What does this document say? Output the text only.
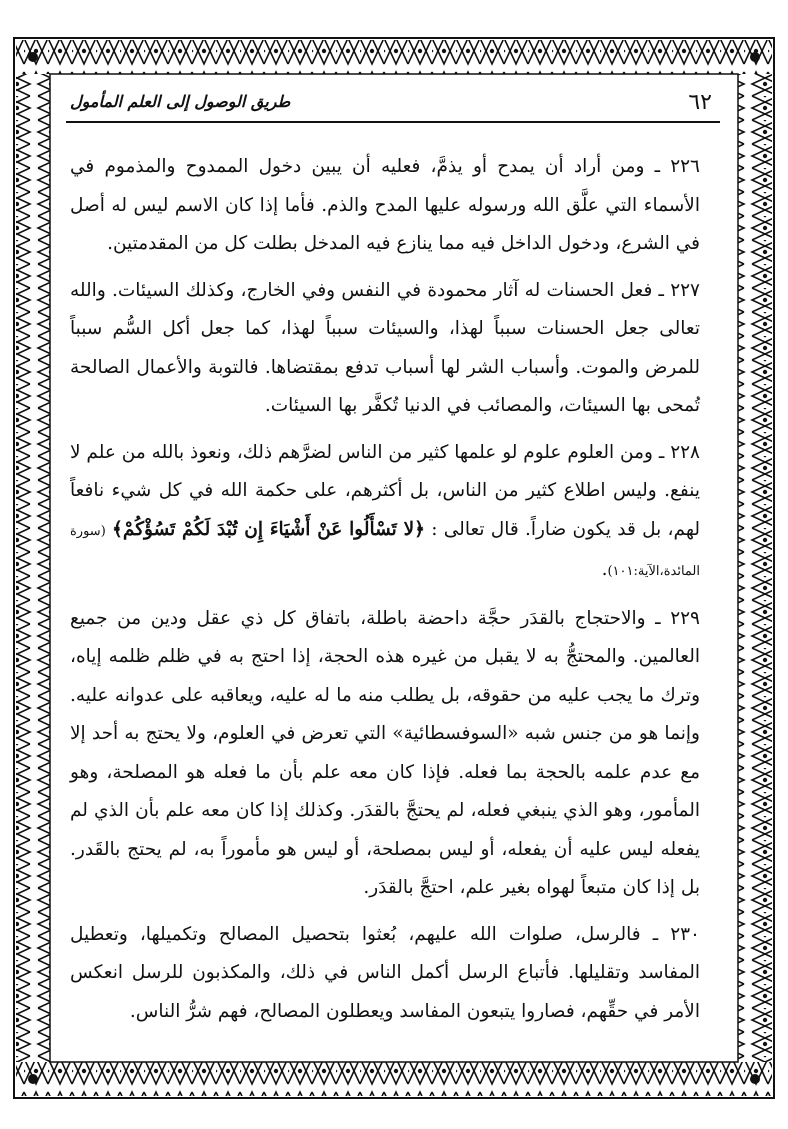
٦٢
طريق الوصول إلى العلم المأمول

٢٢٦ ـ ومن أراد أن يمدح أو يذمَّ، فعليه أن يبين دخول الممدوح والمذموم في الأسماء التي علَّق الله ورسوله عليها المدح والذم. فأما إذا كان الاسم ليس له أصل في الشرع، ودخول الداخل فيه مما ينازع فيه المدخل بطلت كل من المقدمتين.

٢٢٧ ـ فعل الحسنات له آثار محمودة في النفس وفي الخارج، وكذلك السيئات. والله تعالى جعل الحسنات سبباً لهذا، والسيئات سبباً لهذا، كما جعل أكل السُّم سبباً للمرض والموت. وأسباب الشر لها أسباب تدفع بمقتضاها. فالتوبة والأعمال الصالحة تُمحى بها السيئات، والمصائب في الدنيا تُكفَّر بها السيئات.

٢٢٨ ـ ومن العلوم علوم لو علمها كثير من الناس لضرَّهم ذلك، ونعوذ بالله من علم لا ينفع. وليس اطلاع كثير من الناس، بل أكثرهم، على حكمة الله في كل شيء نافعاً لهم، بل قد يكون ضاراً. قال تعالى : ﴿لا تَسْأَلُوا عَنْ أَشْيَاءَ إِن تُبْدَ لَكُمْ تَسُؤْكُمْ﴾ (سورة المائدة،الآية:١٠١).

٢٢٩ ـ والاحتجاج بالقدَر حجَّة داحضة باطلة، باتفاق كل ذي عقل ودين من جميع العالمين. والمحتجُّ به لا يقبل من غيره هذه الحجة، إذا احتج به في ظلم ظلمه إياه، وترك ما يجب عليه من حقوقه، بل يطلب منه ما له عليه، ويعاقبه على عدوانه عليه. وإنما هو من جنس شبه «السوفسطائية» التي تعرض في العلوم، ولا يحتج به أحد إلا مع عدم علمه بالحجة بما فعله. فإذا كان معه علم بأن ما فعله هو المصلحة، وهو المأمور، وهو الذي ينبغي فعله، لم يحتجَّ بالقدَر. وكذلك إذا كان معه علم بأن الذي لم يفعله ليس عليه أن يفعله، أو ليس بمصلحة، أو ليس هو مأموراً به، لم يحتج بالقَدر. بل إذا كان متبعاً لهواه بغير علم، احتجَّ بالقدَر.

٢٣٠ ـ فالرسل، صلوات الله عليهم، بُعثوا بتحصيل المصالح وتكميلها، وتعطيل المفاسد وتقليلها. فأتباع الرسل أكمل الناس في ذلك، والمكذبون للرسل انعكس الأمر في حقِّهم، فصاروا يتبعون المفاسد ويعطلون المصالح، فهم شرُّ الناس.
